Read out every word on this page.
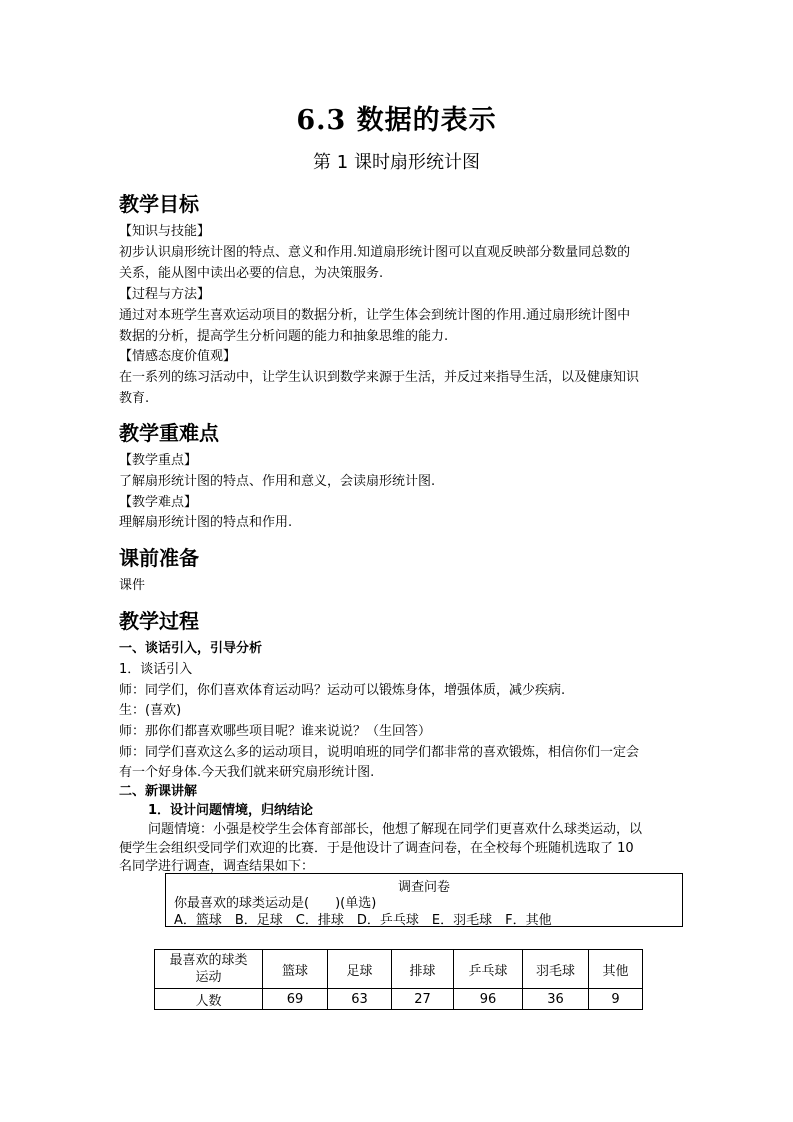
6.3 数据的表示
第 1 课时扇形统计图
教学目标
【知识与技能】
初步认识扇形统计图的特点、意义和作用.知道扇形统计图可以直观反映部分数量同总数的
关系，能从图中读出必要的信息，为决策服务.
【过程与方法】
通过对本班学生喜欢运动项目的数据分析，让学生体会到统计图的作用.通过扇形统计图中
数据的分析，提高学生分析问题的能力和抽象思维的能力.
【情感态度价值观】
在一系列的练习活动中，让学生认识到数学来源于生活，并反过来指导生活，以及健康知识
教育.
教学重难点
【教学重点】
了解扇形统计图的特点、作用和意义，会读扇形统计图.
【教学难点】
理解扇形统计图的特点和作用.
课前准备
课件
教学过程
一、谈话引入，引导分析
1．谈话引入
师：同学们，你们喜欢体育运动吗？运动可以锻炼身体，增强体质，减少疾病.
生：(喜欢)
师：那你们都喜欢哪些项目呢？谁来说说？（生回答）
师：同学们喜欢这么多的运动项目，说明咱班的同学们都非常的喜欢锻炼，相信你们一定会
有一个好身体.今天我们就来研究扇形统计图.
二、新课讲解
1．设计问题情境，归纳结论
问题情境：小强是校学生会体育部部长，他想了解现在同学们更喜欢什么球类运动，以
便学生会组织受同学们欢迎的比赛．于是他设计了调查问卷，在全校每个班随机选取了 10
名同学进行调查，调查结果如下：
调查问卷
你最喜欢的球类运动是(　　)(单选)
A．篮球　B．足球　C．排球　D．乒乓球　E．羽毛球　F．其他
最喜欢的球类
运动	篮球	足球	排球	乒乓球	羽毛球	其他
人数	69	63	27	96	36	9
